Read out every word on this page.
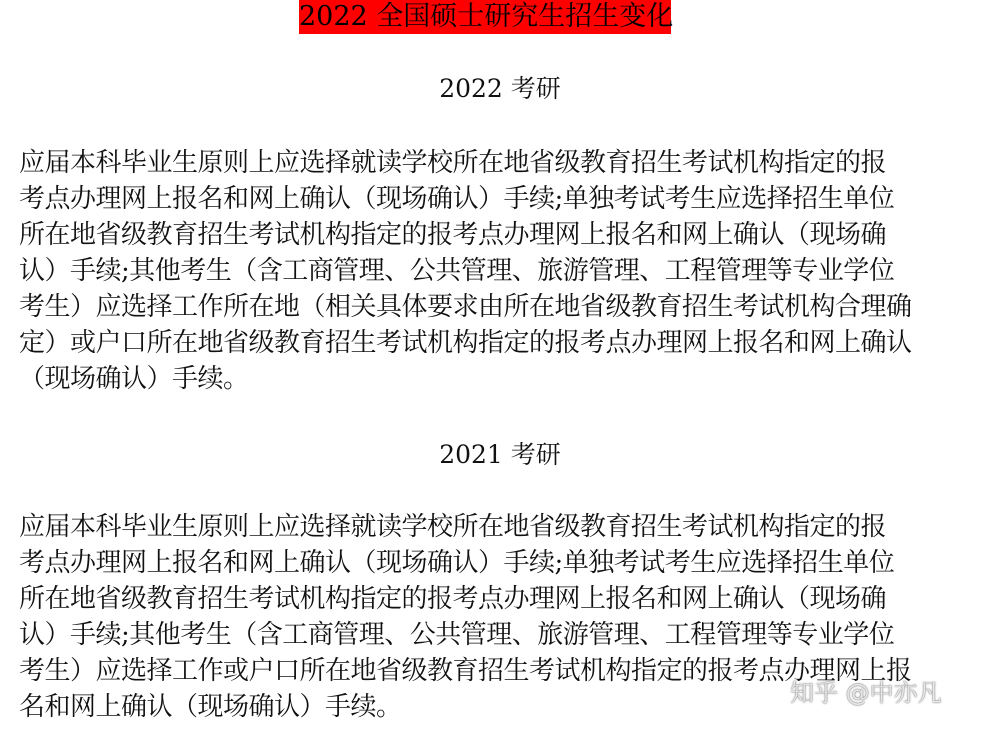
2022 全国硕士研究生招生变化
2022 考研
应届本科毕业生原则上应选择就读学校所在地省级教育招生考试机构指定的报
考点办理网上报名和网上确认（现场确认）手续;单独考试考生应选择招生单位
所在地省级教育招生考试机构指定的报考点办理网上报名和网上确认（现场确
认）手续;其他考生（含工商管理、公共管理、旅游管理、工程管理等专业学位
考生）应选择工作所在地（相关具体要求由所在地省级教育招生考试机构合理确
定）或户口所在地省级教育招生考试机构指定的报考点办理网上报名和网上确认
（现场确认）手续。
2021 考研
应届本科毕业生原则上应选择就读学校所在地省级教育招生考试机构指定的报
考点办理网上报名和网上确认（现场确认）手续;单独考试考生应选择招生单位
所在地省级教育招生考试机构指定的报考点办理网上报名和网上确认（现场确
认）手续;其他考生（含工商管理、公共管理、旅游管理、工程管理等专业学位
考生）应选择工作或户口所在地省级教育招生考试机构指定的报考点办理网上报
名和网上确认（现场确认）手续。	知乎 @中亦凡
